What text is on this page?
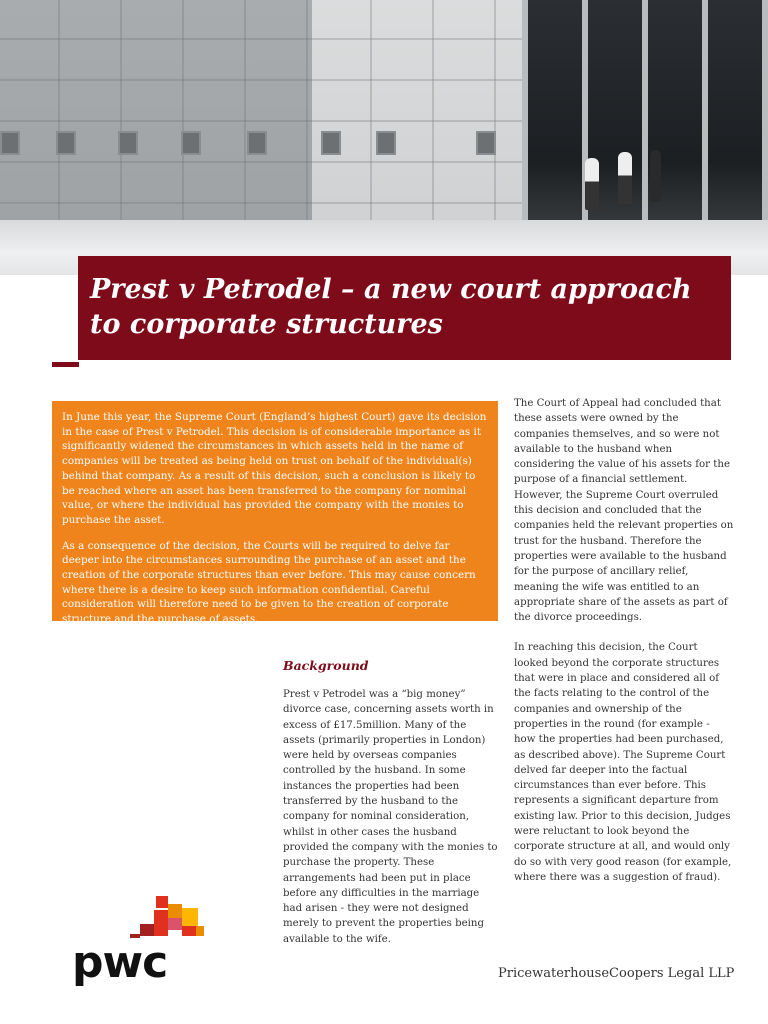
Prest v Petrodel – a new court approach to corporate structures

In June this year, the Supreme Court (England’s highest Court) gave its decision in the case of Prest v Petrodel. This decision is of considerable importance as it significantly widened the circumstances in which assets held in the name of companies will be treated as being held on trust on behalf of the individual(s) behind that company. As a result of this decision, such a conclusion is likely to be reached where an asset has been transferred to the company for nominal value, or where the individual has provided the company with the monies to purchase the asset.

As a consequence of the decision, the Courts will be required to delve far deeper into the circumstances surrounding the purchase of an asset and the creation of the corporate structures than ever before. This may cause concern where there is a desire to keep such information confidential. Careful consideration will therefore need to be given to the creation of corporate structure and the purchase of assets.

Background

Prest v Petrodel was a “big money” divorce case, concerning assets worth in excess of £17.5million. Many of the assets (primarily properties in London) were held by overseas companies controlled by the husband. In some instances the properties had been transferred by the husband to the company for nominal consideration, whilst in other cases the husband provided the company with the monies to purchase the property. These arrangements had been put in place before any difficulties in the marriage had arisen - they were not designed merely to prevent the properties being available to the wife.

The Court of Appeal had concluded that these assets were owned by the companies themselves, and so were not available to the husband when considering the value of his assets for the purpose of a financial settlement. However, the Supreme Court overruled this decision and concluded that the companies held the relevant properties on trust for the husband. Therefore the properties were available to the husband for the purpose of ancillary relief, meaning the wife was entitled to an appropriate share of the assets as part of the divorce proceedings.

In reaching this decision, the Court looked beyond the corporate structures that were in place and considered all of the facts relating to the control of the companies and ownership of the properties in the round (for example - how the properties had been purchased, as described above). The Supreme Court delved far deeper into the factual circumstances than ever before. This represents a significant departure from existing law. Prior to this decision, Judges were reluctant to look beyond the corporate structure at all, and would only do so with very good reason (for example, where there was a suggestion of fraud).

pwc	PricewaterhouseCoopers Legal LLP
